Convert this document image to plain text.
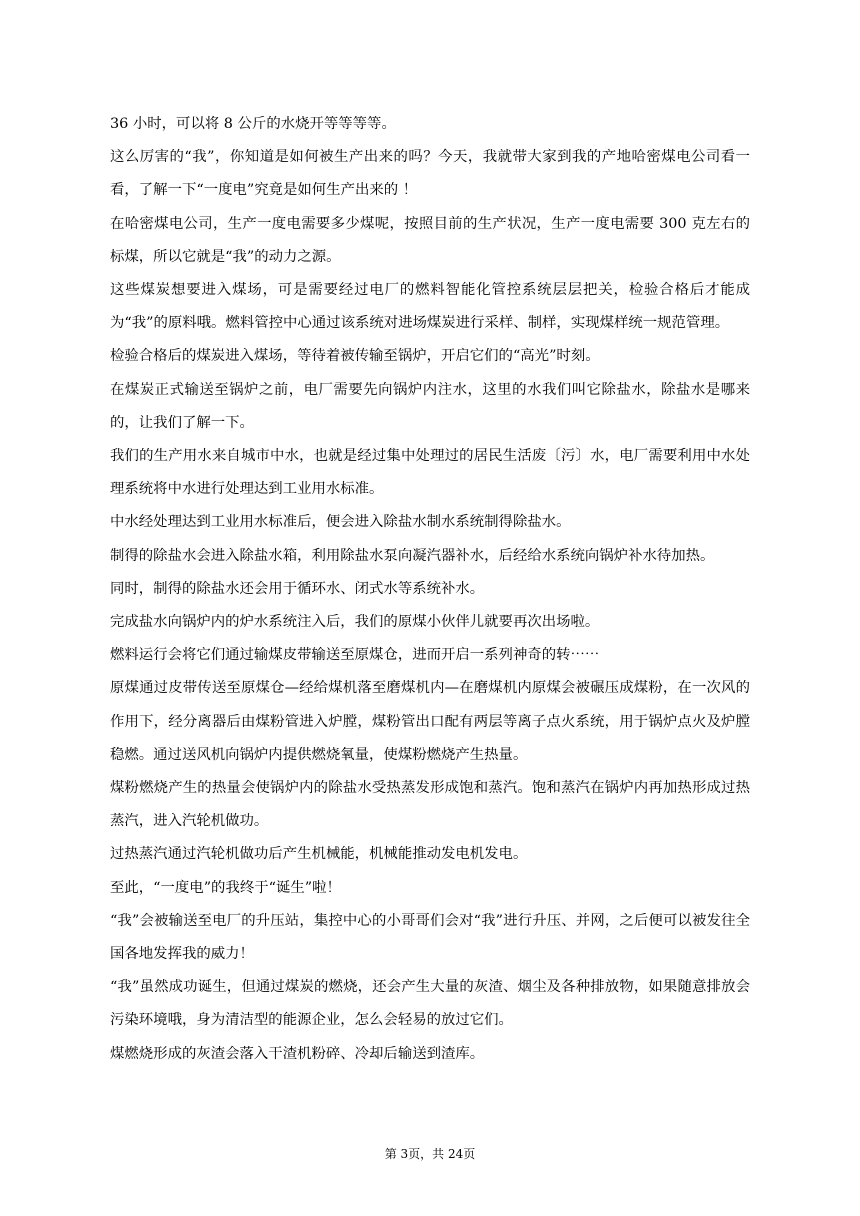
36 小时，可以将 8 公斤的水烧开等等等等。

这么厉害的“我”，你知道是如何被生产出来的吗？今天，我就带大家到我的产地哈密煤电公司看一看，了解一下“一度电”究竟是如何生产出来的 ！

在哈密煤电公司，生产一度电需要多少煤呢，按照目前的生产状况，生产一度电需要 300 克左右的标煤，所以它就是“我”的动力之源。

这些煤炭想要进入煤场，可是需要经过电厂的燃料智能化管控系统层层把关，检验合格后才能成为“我”的原料哦。燃料管控中心通过该系统对进场煤炭进行采样、制样，实现煤样统一规范管理。

检验合格后的煤炭进入煤场，等待着被传输至锅炉，开启它们的“高光”时刻。

在煤炭正式输送至锅炉之前，电厂需要先向锅炉内注水，这里的水我们叫它除盐水，除盐水是哪来的，让我们了解一下。

我们的生产用水来自城市中水，也就是经过集中处理过的居民生活废〔污〕水，电厂需要利用中水处理系统将中水进行处理达到工业用水标准。

中水经处理达到工业用水标准后，便会进入除盐水制水系统制得除盐水。

制得的除盐水会进入除盐水箱，利用除盐水泵向凝汽器补水，后经给水系统向锅炉补水待加热。

同时，制得的除盐水还会用于循环水、闭式水等系统补水。

完成盐水向锅炉内的炉水系统注入后，我们的原煤小伙伴儿就要再次出场啦。

燃料运行会将它们通过输煤皮带输送至原煤仓，进而开启一系列神奇的转⋯⋯

原煤通过皮带传送至原煤仓—经给煤机落至磨煤机内—在磨煤机内原煤会被碾压成煤粉，在一次风的作用下，经分离器后由煤粉管进入炉膛，煤粉管出口配有两层等离子点火系统，用于锅炉点火及炉膛稳燃。通过送风机向锅炉内提供燃烧氧量，使煤粉燃烧产生热量。

煤粉燃烧产生的热量会使锅炉内的除盐水受热蒸发形成饱和蒸汽。饱和蒸汽在锅炉内再加热形成过热蒸汽，进入汽轮机做功。

过热蒸汽通过汽轮机做功后产生机械能，机械能推动发电机发电。

至此，“一度电”的我终于“诞生”啦！

“我”会被输送至电厂的升压站，集控中心的小哥哥们会对“我”进行升压、并网，之后便可以被发往全国各地发挥我的威力！

“我”虽然成功诞生，但通过煤炭的燃烧，还会产生大量的灰渣、烟尘及各种排放物，如果随意排放会污染环境哦，身为清洁型的能源企业，怎么会轻易的放过它们。

煤燃烧形成的灰渣会落入干渣机粉碎、冷却后输送到渣库。

第 3页，共 24页
